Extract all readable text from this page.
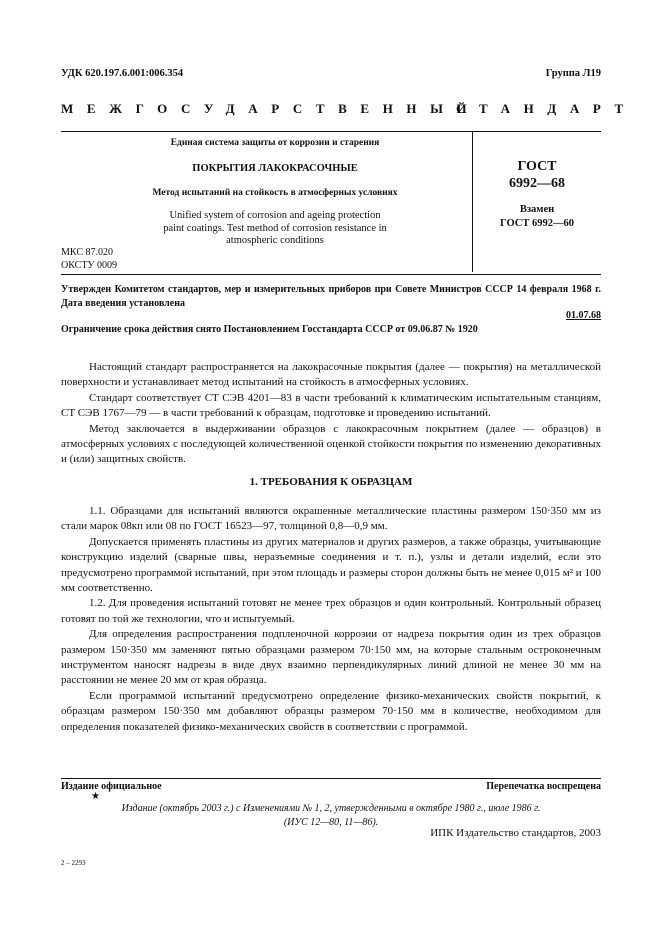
УДК 620.197.6.001:006.354	Группа Л19
МЕЖГОСУДАРСТВЕННЫЙ
СТАНДАРТ
Единая система защиты от коррозии и старения
ПОКРЫТИЯ ЛАКОКРАСОЧНЫЕ
Метод испытаний на стойкость в атмосферных условиях
Unified system of corrosion and ageing protection
paint coatings. Test method of corrosion resistance in
atmospheric conditions
ГОСТ
6992—68
Взамен
ГОСТ 6992—60
МКС 87.020
ОКСТУ 0009
Утвержден Комитетом стандартов, мер и измерительных приборов при Совете Министров СССР 14 февраля 1968 г. Дата введения установлена
01.07.68
Ограничение срока действия снято Постановлением Госстандарта СССР от 09.06.87 № 1920

Настоящий стандарт распространяется на лакокрасочные покрытия (далее — покрытия) на металлической поверхности и устанавливает метод испытаний на стойкость в атмосферных условиях.

Стандарт соответствует СТ СЭВ 4201—83 в части требований к климатическим испытательным станциям, СТ СЭВ 1767—79 — в части требований к образцам, подготовке и проведению испытаний.

Метод заключается в выдерживании образцов с лакокрасочным покрытием (далее — образцов) в атмосферных условиях с последующей количественной оценкой стойкости покрытия по изменению декоративных и (или) защитных свойств.

1. ТРЕБОВАНИЯ К ОБРАЗЦАМ

1.1. Образцами для испытаний являются окрашенные металлические пластины размером 150·350 мм из стали марок 08кп или 08 по ГОСТ 16523—97, толщиной 0,8—0,9 мм.

Допускается применять пластины из других материалов и других размеров, а также образцы, учитывающие конструкцию изделий (сварные швы, неразъемные соединения и т. п.), узлы и детали изделий, если это предусмотрено программой испытаний, при этом площадь и размеры сторон должны быть не менее 0,015 м² и 100 мм соответственно.

1.2. Для проведения испытаний готовят не менее трех образцов и один контрольный. Контрольный образец готовят по той же технологии, что и испытуемый.

Для определения распространения подпленочной коррозии от надреза покрытия один из трех образцов размером 150·350 мм заменяют пятью образцами размером 70·150 мм, на которые стальным остроконечным инструментом наносят надрезы в виде двух взаимно перпендикулярных линий длиной не менее 30 мм на расстоянии не менее 20 мм от края образца.

Если программой испытаний предусмотрено определение физико-механических свойств покрытий, к образцам размером 150·350 мм добавляют образцы размером 70·150 мм в количестве, необходимом для определения показателей физико-механических свойств в соответствии с программой.

Издание официальное	Перепечатка воспрещена
★
Издание (октябрь 2003 г.) с Изменениями № 1, 2, утвержденными в октябре 1980 г., июле 1986 г.
(ИУС 12—80, 11—86).
ИПК Издательство стандартов, 2003
2 – 2293
